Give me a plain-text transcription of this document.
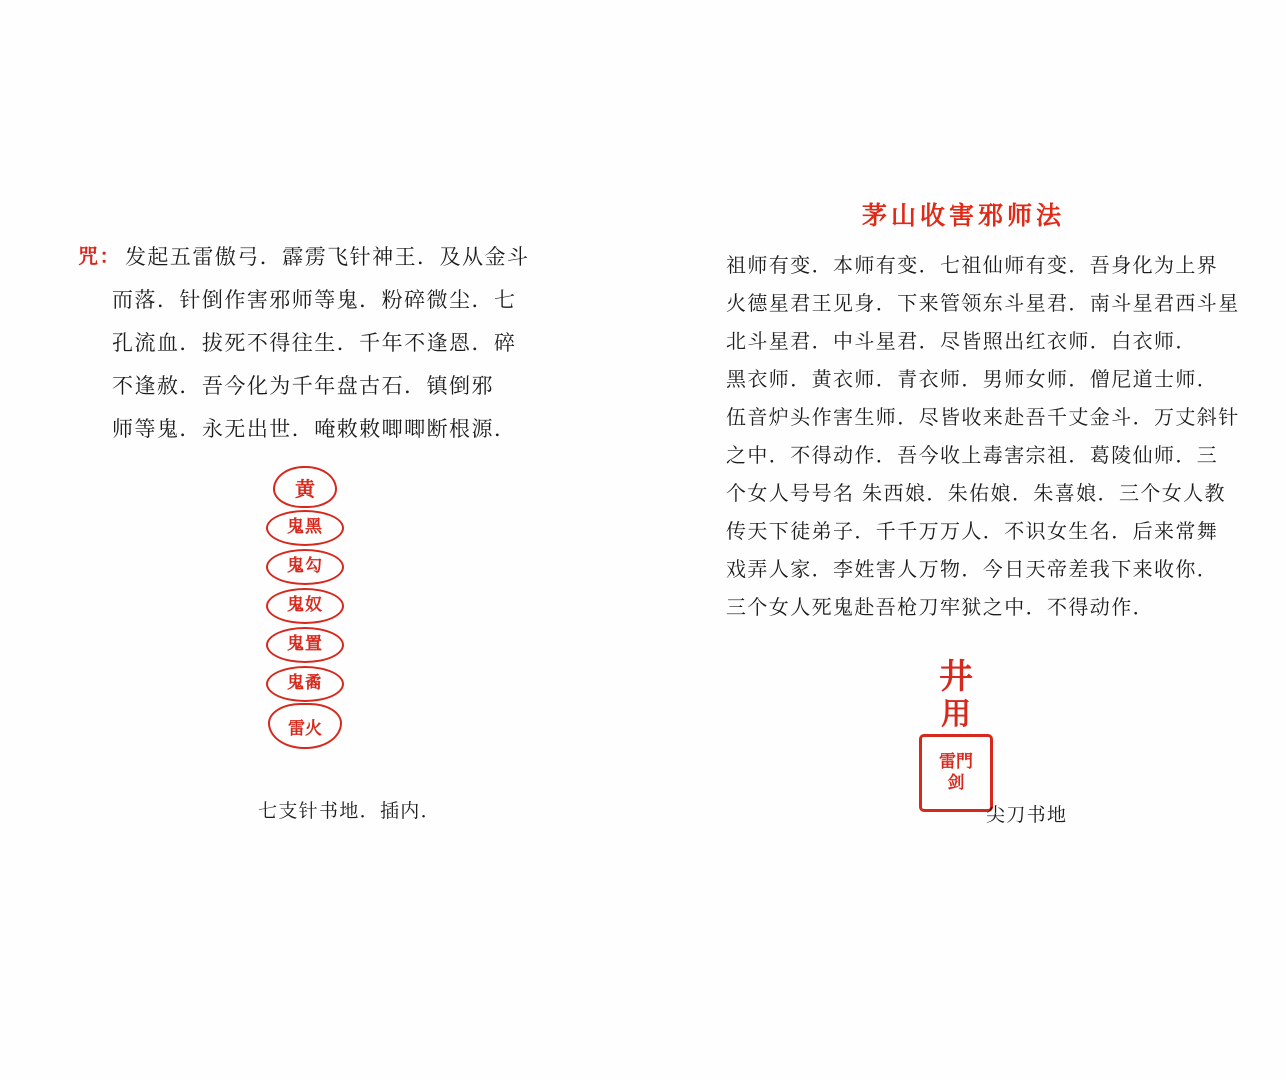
咒： 发起五雷傲弓．霹雳飞针神王．及从金斗
而落．针倒作害邪师等鬼．粉碎微尘．七
孔流血．拔死不得往生．千年不逢恩．碎
不逢赦．吾今化为千年盘古石．镇倒邪
师等鬼．永无出世．唵敕敕唧唧断根源．
黄
鬼黑
鬼勾
鬼奴
鬼置
鬼矞
雷火
七支针书地．插内．
茅山收害邪师法
祖师有变．本师有变．七祖仙师有变．吾身化为上界
火德星君王见身．下来管领东斗星君．南斗星君西斗星
北斗星君．中斗星君．尽皆照出红衣师．白衣师．
黑衣师．黄衣师．青衣师．男师女师．僧尼道士师．
伍音炉头作害生师．尽皆收来赴吾千丈金斗．万丈斜针
之中．不得动作．吾今收上毒害宗祖．葛陵仙师．三
个女人号号名 朱西娘．朱佑娘．朱喜娘．三个女人教
传天下徒弟子．千千万万人．不识女生名．后来常舞
戏弄人家．李姓害人万物．今日天帝差我下来收你．
三个女人死鬼赴吾枪刀牢狱之中．不得动作．
井
用
雷門
剑
尖刀书地
